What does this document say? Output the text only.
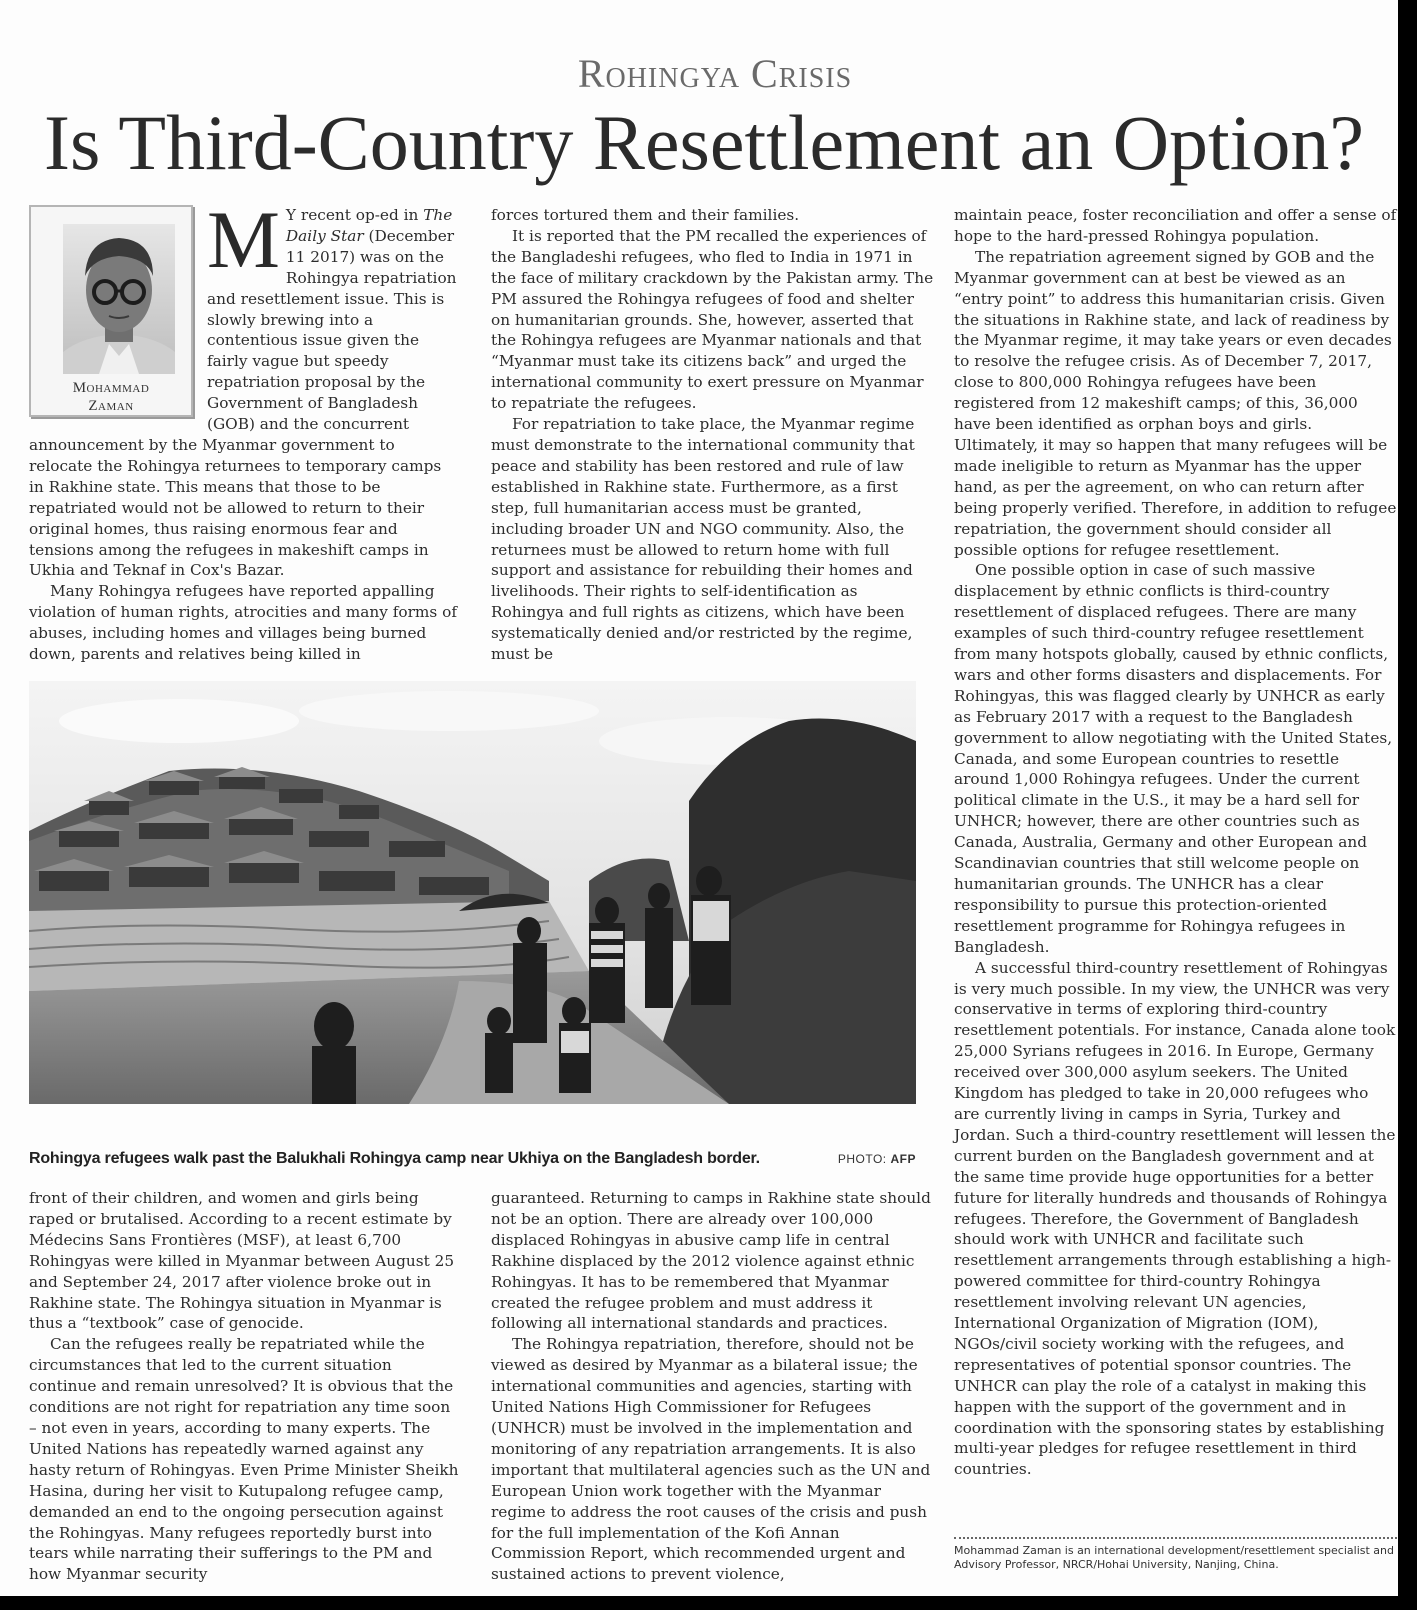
Rohingya Crisis
Is Third-Country Resettlement an Option?
Mohammad
Zaman

M Y recent op-ed in The Daily Star (December 11 2017) was on the Rohingya repatriation and resettlement issue. This is slowly brewing into a contentious issue given the fairly vague but speedy repatriation proposal by the Government of Bangladesh (GOB) and the concurrent announcement by the Myanmar government to relocate the Rohingya returnees to temporary camps in Rakhine state. This means that those to be repatriated would not be allowed to return to their original homes, thus raising enormous fear and tensions among the refugees in makeshift camps in Ukhia and Teknaf in Cox's Bazar.

Many Rohingya refugees have reported appalling violation of human rights, atrocities and many forms of abuses, including homes and villages being burned down, parents and relatives being killed in

forces tortured them and their families.

It is reported that the PM recalled the experiences of the Bangladeshi refugees, who fled to India in 1971 in the face of military crackdown by the Pakistan army. The PM assured the Rohingya refugees of food and shelter on humanitarian grounds. She, however, asserted that the Rohingya refugees are Myanmar nationals and that “Myanmar must take its citizens back” and urged the international community to exert pressure on Myanmar to repatriate the refugees.

For repatriation to take place, the Myanmar regime must demonstrate to the international community that peace and stability has been restored and rule of law established in Rakhine state. Furthermore, as a first step, full humanitarian access must be granted, including broader UN and NGO community. Also, the returnees must be allowed to return home with full support and assistance for rebuilding their homes and livelihoods. Their rights to self-identification as Rohingya and full rights as citizens, which have been systematically denied and/or restricted by the regime, must be

Rohingya refugees walk past the Balukhali Rohingya camp near Ukhiya on the Bangladesh border.	PHOTO: AFP

front of their children, and women and girls being raped or brutalised. According to a recent estimate by Médecins Sans Frontières (MSF), at least 6,700 Rohingyas were killed in Myanmar between August 25 and September 24, 2017 after violence broke out in Rakhine state. The Rohingya situation in Myanmar is thus a “textbook” case of genocide.

Can the refugees really be repatriated while the circumstances that led to the current situation continue and remain unresolved? It is obvious that the conditions are not right for repatriation any time soon – not even in years, according to many experts. The United Nations has repeatedly warned against any hasty return of Rohingyas. Even Prime Minister Sheikh Hasina, during her visit to Kutupalong refugee camp, demanded an end to the ongoing persecution against the Rohingyas. Many refugees reportedly burst into tears while narrating their sufferings to the PM and how Myanmar security

guaranteed. Returning to camps in Rakhine state should not be an option. There are already over 100,000 displaced Rohingyas in abusive camp life in central Rakhine displaced by the 2012 violence against ethnic Rohingyas. It has to be remembered that Myanmar created the refugee problem and must address it following all international standards and practices.

The Rohingya repatriation, therefore, should not be viewed as desired by Myanmar as a bilateral issue; the international communities and agencies, starting with United Nations High Commissioner for Refugees (UNHCR) must be involved in the implementation and monitoring of any repatriation arrangements. It is also important that multilateral agencies such as the UN and European Union work together with the Myanmar regime to address the root causes of the crisis and push for the full implementation of the Kofi Annan Commission Report, which recommended urgent and sustained actions to prevent violence,

maintain peace, foster reconciliation and offer a sense of hope to the hard-pressed Rohingya population.

The repatriation agreement signed by GOB and the Myanmar government can at best be viewed as an “entry point” to address this humanitarian crisis. Given the situations in Rakhine state, and lack of readiness by the Myanmar regime, it may take years or even decades to resolve the refugee crisis. As of December 7, 2017, close to 800,000 Rohingya refugees have been registered from 12 makeshift camps; of this, 36,000 have been identified as orphan boys and girls. Ultimately, it may so happen that many refugees will be made ineligible to return as Myanmar has the upper hand, as per the agreement, on who can return after being properly verified. Therefore, in addition to refugee repatriation, the government should consider all possible options for refugee resettlement.

One possible option in case of such massive displacement by ethnic conflicts is third-country resettlement of displaced refugees. There are many examples of such third-country refugee resettlement from many hotspots globally, caused by ethnic conflicts, wars and other forms disasters and displacements. For Rohingyas, this was flagged clearly by UNHCR as early as February 2017 with a request to the Bangladesh government to allow negotiating with the United States, Canada, and some European countries to resettle around 1,000 Rohingya refugees. Under the current political climate in the U.S., it may be a hard sell for UNHCR; however, there are other countries such as Canada, Australia, Germany and other European and Scandinavian countries that still welcome people on humanitarian grounds. The UNHCR has a clear responsibility to pursue this protection-oriented resettlement programme for Rohingya refugees in Bangladesh.

A successful third-country resettlement of Rohingyas is very much possible. In my view, the UNHCR was very conservative in terms of exploring third-country resettlement potentials. For instance, Canada alone took 25,000 Syrians refugees in 2016. In Europe, Germany received over 300,000 asylum seekers. The United Kingdom has pledged to take in 20,000 refugees who are currently living in camps in Syria, Turkey and Jordan. Such a third-country resettlement will lessen the current burden on the Bangladesh government and at the same time provide huge opportunities for a better future for literally hundreds and thousands of Rohingya refugees. Therefore, the Government of Bangladesh should work with UNHCR and facilitate such resettlement arrangements through establishing a high-powered committee for third-country Rohingya resettlement involving relevant UN agencies, International Organization of Migration (IOM), NGOs/civil society working with the refugees, and representatives of potential sponsor countries. The UNHCR can play the role of a catalyst in making this happen with the support of the government and in coordination with the sponsoring states by establishing multi-year pledges for refugee resettlement in third countries.

Mohammad Zaman is an international development/resettlement specialist and Advisory Professor, NRCR/Hohai University, Nanjing, China.
